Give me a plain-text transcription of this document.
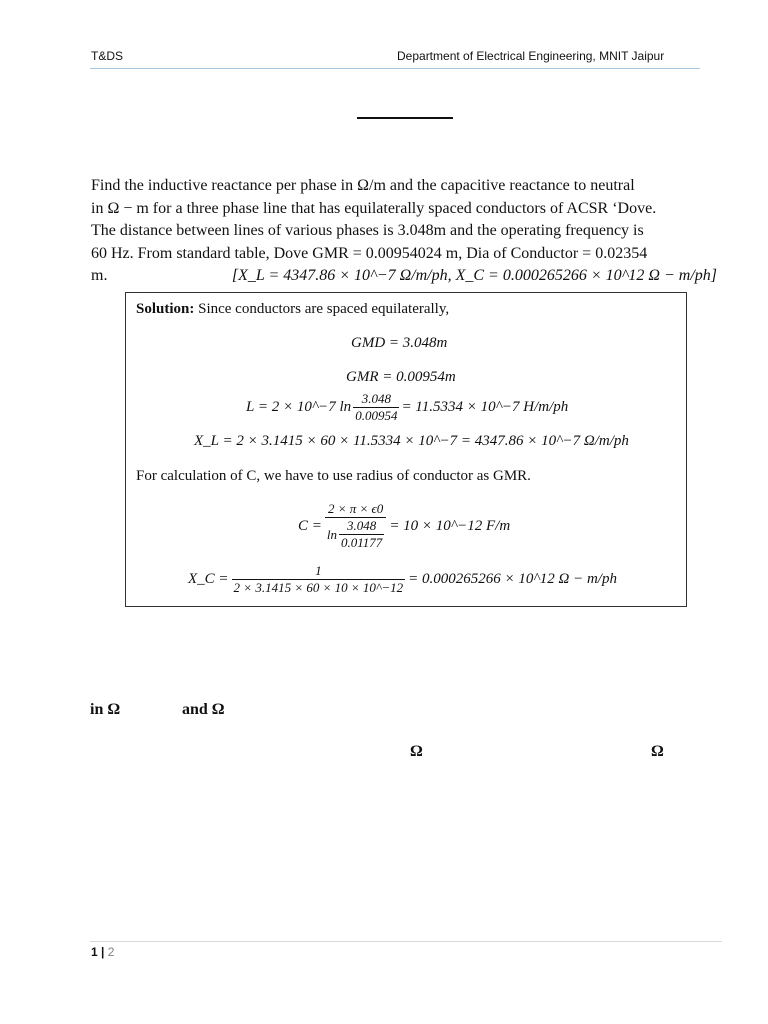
T&DS	Department of Electrical Engineering, MNIT Jaipur
Find the inductive reactance per phase in Ω/m and the capacitive reactance to neutral
in Ω − m for a three phase line that has equilaterally spaced conductors of ACSR ‘Dove.
The distance between lines of various phases is 3.048m and the operating frequency is
60 Hz. From standard table, Dove GMR = 0.00954024 m, Dia of Conductor = 0.02354
m.	[X_L = 4347.86 × 10^−7 Ω/m/ph, X_C = 0.000265266 × 10^12 Ω − m/ph]
Solution: Since conductors are spaced equilaterally,
GMD = 3.048m
GMR = 0.00954m
L = 2 × 10^−7 $\ln \frac{3.048}{0.00954} = 11.5334$ × 10^−7 H/m/ph
X_L = 2 × 3.1415 × 60 × 11.5334 × 10^−7 = 4347.86 × 10^−7 Ω/m/ph
For calculation of C, we have to use radius of conductor as GMR.
$C = \frac{2 \times \pi \times \epsilon 0}{\ln \frac{3.048}{0.01177}} = 10$ × 10^−12 F/m
X_C = $\frac{1}{2 \times 3.1415 \times 60 \times 10 \times 10\^{}-12} = 0.000265266$ × 10^12 Ω − m/ph
in Ω	and Ω
Ω	Ω
1 | 2
